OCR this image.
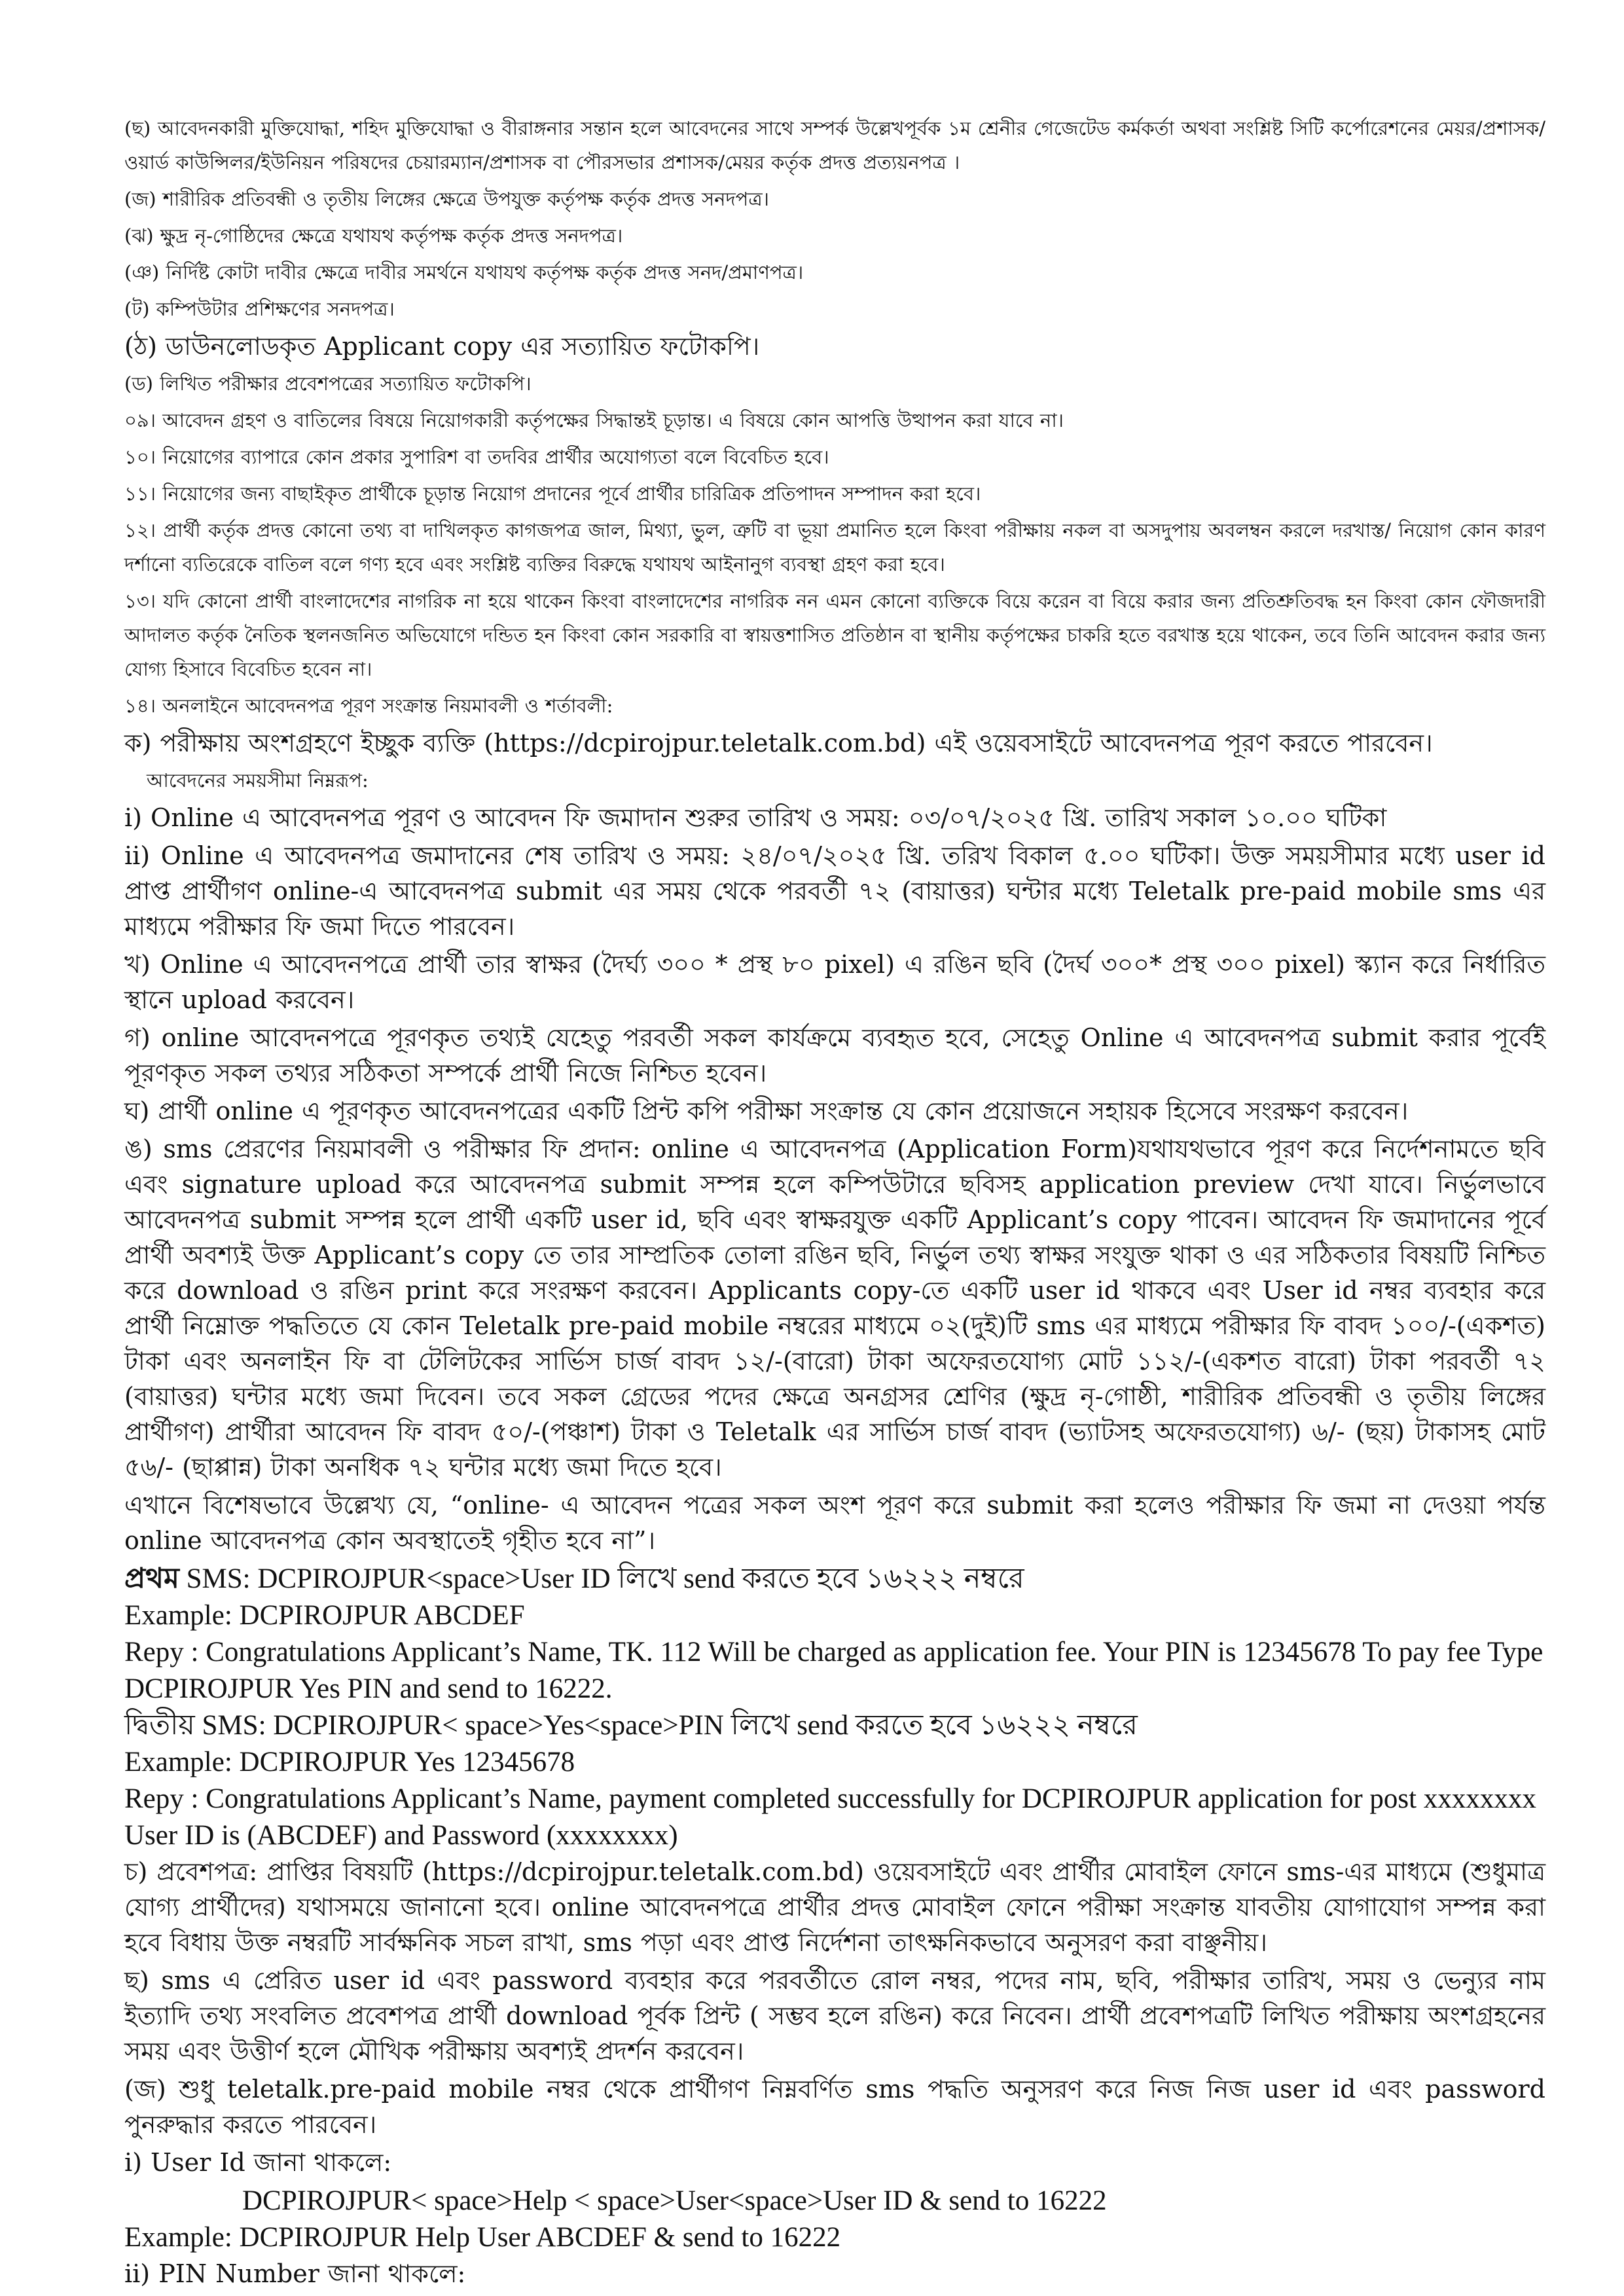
(ছ) আবেদনকারী মুক্তিযোদ্ধা, শহিদ মুক্তিযোদ্ধা ও বীরাঙ্গনার সন্তান হলে আবেদনের সাথে সম্পর্ক উল্লেখপূর্বক ১ম শ্রেনীর গেজেটেড কর্মকর্তা অথবা সংশ্লিষ্ট সিটি কর্পোরেশনের মেয়র/প্রশাসক/ওয়ার্ড কাউন্সিলর/ইউনিয়ন পরিষদের চেয়ারম্যান/প্রশাসক বা পৌরসভার প্রশাসক/মেয়র কর্তৃক প্রদত্ত প্রত্যয়নপত্র ।

(জ) শারীরিক প্রতিবন্ধী ও তৃতীয় লিঙ্গের ক্ষেত্রে উপযুক্ত কর্তৃপক্ষ কর্তৃক প্রদত্ত সনদপত্র।

(ঝ) ক্ষুদ্র নৃ-গোষ্ঠিদের ক্ষেত্রে যথাযথ কর্তৃপক্ষ কর্তৃক প্রদত্ত সনদপত্র।

(ঞ) নির্দিষ্ট কোটা দাবীর ক্ষেত্রে দাবীর সমর্থনে যথাযথ কর্তৃপক্ষ কর্তৃক প্রদত্ত সনদ/প্রমাণপত্র।

(ট) কম্পিউটার প্রশিক্ষণের সনদপত্র।

(ঠ) ডাউনলোডকৃত Applicant copy এর সত্যায়িত ফটোকপি।

(ড) লিখিত পরীক্ষার প্রবেশপত্রের সত্যায়িত ফটোকপি।

০৯। আবেদন গ্রহণ ও বাতিলের বিষয়ে নিয়োগকারী কর্তৃপক্ষের সিদ্ধান্তই চূড়ান্ত। এ বিষয়ে কোন আপত্তি উত্থাপন করা যাবে না।

১০। নিয়োগের ব্যাপারে কোন প্রকার সুপারিশ বা তদবির প্রার্থীর অযোগ্যতা বলে বিবেচিত হবে।

১১। নিয়োগের জন্য বাছাইকৃত প্রার্থীকে চূড়ান্ত নিয়োগ প্রদানের পূর্বে প্রার্থীর চারিত্রিক প্রতিপাদন সম্পাদন করা হবে।

১২। প্রার্থী কর্তৃক প্রদত্ত কোনো তথ্য বা দাখিলকৃত কাগজপত্র জাল, মিথ্যা, ভুল, ত্রুটি বা ভূয়া প্রমানিত হলে কিংবা পরীক্ষায় নকল বা অসদুপায় অবলম্বন করলে দরখাস্ত/ নিয়োগ কোন কারণ দর্শানো ব্যতিরেকে বাতিল বলে গণ্য হবে এবং সংশ্লিষ্ট ব্যক্তির বিরুদ্ধে যথাযথ আইনানুগ ব্যবস্থা গ্রহণ করা হবে।

১৩। যদি কোনো প্রার্থী বাংলাদেশের নাগরিক না হয়ে থাকেন কিংবা বাংলাদেশের নাগরিক নন এমন কোনো ব্যক্তিকে বিয়ে করেন বা বিয়ে করার জন্য প্রতিশ্রুতিবদ্ধ হন কিংবা কোন ফৌজদারী আদালত কর্তৃক নৈতিক স্থলনজনিত অভিযোগে দন্ডিত হন কিংবা কোন সরকারি বা স্বায়ত্তশাসিত প্রতিষ্ঠান বা স্থানীয় কর্তৃপক্ষের চাকরি হতে বরখাস্ত হয়ে থাকেন, তবে তিনি আবেদন করার জন্য যোগ্য হিসাবে বিবেচিত হবেন না।

১৪। অনলাইনে আবেদনপত্র পূরণ সংক্রান্ত নিয়মাবলী ও শর্তাবলী:

ক) পরীক্ষায় অংশগ্রহণে ইচ্ছুক ব্যক্তি (https://dcpirojpur.teletalk.com.bd) এই ওয়েবসাইটে আবেদনপত্র পূরণ করতে পারবেন।

আবেদনের সময়সীমা নিম্নরূপ:

i) Online এ আবেদনপত্র পূরণ ও আবেদন ফি জমাদান শুরুর তারিখ ও সময়: ০৩/০৭/২০২৫ খ্রি. তারিখ সকাল ১০.০০ ঘটিকা

ii) Online এ আবেদনপত্র জমাদানের শেষ তারিখ ও সময়: ২৪/০৭/২০২৫ খ্রি. তরিখ বিকাল ৫.০০ ঘটিকা। উক্ত সময়সীমার মধ্যে user id প্রাপ্ত প্রার্থীগণ online-এ আবেদনপত্র submit এর সময় থেকে পরবর্তী ৭২ (বায়াত্তর) ঘন্টার মধ্যে Teletalk pre-paid mobile sms এর মাধ্যমে পরীক্ষার ফি জমা দিতে পারবেন।

খ) Online এ আবেদনপত্রে প্রার্থী তার স্বাক্ষর (দৈর্ঘ্য ৩০০ * প্রস্থ ৮০ pixel) এ রঙিন ছবি (দৈর্ঘ ৩০০* প্রস্থ ৩০০ pixel) স্ক্যান করে নির্ধারিত স্থানে upload করবেন।

গ) online আবেদনপত্রে পূরণকৃত তথ্যই যেহেতু পরবর্তী সকল কার্যক্রমে ব্যবহৃত হবে, সেহেতু Online এ আবেদনপত্র submit করার পূর্বেই পূরণকৃত সকল তথ্যর সঠিকতা সম্পর্কে প্রার্থী নিজে নিশ্চিত হবেন।

ঘ) প্রার্থী online এ পূরণকৃত আবেদনপত্রের একটি প্রিন্ট কপি পরীক্ষা সংক্রান্ত যে কোন প্রয়োজনে সহায়ক হিসেবে সংরক্ষণ করবেন।

ঙ) sms প্রেরণের নিয়মাবলী ও পরীক্ষার ফি প্রদান: online এ আবেদনপত্র (Application Form)যথাযথভাবে পূরণ করে নির্দেশনামতে ছবি এবং signature upload করে আবেদনপত্র submit সম্পন্ন হলে কম্পিউটারে ছবিসহ application preview দেখা যাবে। নির্ভুলভাবে আবেদনপত্র submit সম্পন্ন হলে প্রার্থী একটি user id, ছবি এবং স্বাক্ষরযুক্ত একটি Applicant’s copy পাবেন। আবেদন ফি জমাদানের পূর্বে প্রার্থী অবশ্যই উক্ত Applicant’s copy তে তার সাম্প্রতিক তোলা রঙিন ছবি, নির্ভুল তথ্য স্বাক্ষর সংযুক্ত থাকা ও এর সঠিকতার বিষয়টি নিশ্চিত করে download ও রঙিন print করে সংরক্ষণ করবেন। Applicants copy-তে একটি user id থাকবে এবং User id নম্বর ব্যবহার করে প্রার্থী নিম্নোক্ত পদ্ধতিতে যে কোন Teletalk pre-paid mobile নম্বরের মাধ্যমে ০২(দুই)টি sms এর মাধ্যমে পরীক্ষার ফি বাবদ ১০০/-(একশত) টাকা এবং অনলাইন ফি বা টেলিটকের সার্ভিস চার্জ বাবদ ১২/-(বারো) টাকা অফেরতযোগ্য মোট ১১২/-(একশত বারো) টাকা পরবর্তী ৭২ (বায়াত্তর) ঘন্টার মধ্যে জমা দিবেন। তবে সকল গ্রেডের পদের ক্ষেত্রে অনগ্রসর শ্রেণির (ক্ষুদ্র নৃ-গোষ্ঠী, শারীরিক প্রতিবন্ধী ও তৃতীয় লিঙ্গের প্রার্থীগণ) প্রার্থীরা আবেদন ফি বাবদ ৫০/-(পঞ্চাশ) টাকা ও Teletalk এর সার্ভিস চার্জ বাবদ (ভ্যাটসহ অফেরতযোগ্য) ৬/- (ছয়) টাকাসহ মোট ৫৬/- (ছাপ্পান্ন) টাকা অনধিক ৭২ ঘন্টার মধ্যে জমা দিতে হবে।

এখানে বিশেষভাবে উল্লেখ্য যে, “online- এ আবেদন পত্রের সকল অংশ পূরণ করে submit করা হলেও পরীক্ষার ফি জমা না দেওয়া পর্যন্ত online আবেদনপত্র কোন অবস্থাতেই গৃহীত হবে না”।

প্রথম SMS: DCPIROJPUR<space>User ID লিখে send করতে হবে ১৬২২২ নম্বরে

Example: DCPIROJPUR ABCDEF

Repy : Congratulations Applicant’s Name, TK. 112 Will be charged as application fee. Your PIN is 12345678 To pay fee Type DCPIROJPUR Yes PIN and send to 16222.

দ্বিতীয় SMS: DCPIROJPUR< space>Yes<space>PIN লিখে send করতে হবে ১৬২২২ নম্বরে

Example: DCPIROJPUR Yes 12345678

Repy : Congratulations Applicant’s Name, payment completed successfully for DCPIROJPUR application for post xxxxxxxx User ID is (ABCDEF) and Password (xxxxxxxx)

চ) প্রবেশপত্র: প্রাপ্তির বিষয়টি (https://dcpirojpur.teletalk.com.bd) ওয়েবসাইটে এবং প্রার্থীর মোবাইল ফোনে sms-এর মাধ্যমে (শুধুমাত্র যোগ্য প্রার্থীদের) যথাসময়ে জানানো হবে। online আবেদনপত্রে প্রার্থীর প্রদত্ত মোবাইল ফোনে পরীক্ষা সংক্রান্ত যাবতীয় যোগাযোগ সম্পন্ন করা হবে বিধায় উক্ত নম্বরটি সার্বক্ষনিক সচল রাখা, sms পড়া এবং প্রাপ্ত নির্দেশনা তাৎক্ষনিকভাবে অনুসরণ করা বাঞ্ছনীয়।

ছ) sms এ প্রেরিত user id এবং password ব্যবহার করে পরবর্তীতে রোল নম্বর, পদের নাম, ছবি, পরীক্ষার তারিখ, সময় ও ভেন্যুর নাম ইত্যাদি তথ্য সংবলিত প্রবেশপত্র প্রার্থী download পূর্বক প্রিন্ট ( সম্ভব হলে রঙিন) করে নিবেন। প্রার্থী প্রবেশপত্রটি লিখিত পরীক্ষায় অংশগ্রহনের সময় এবং উত্তীর্ণ হলে মৌখিক পরীক্ষায় অবশ্যই প্রদর্শন করবেন।

(জ) শুধু teletalk.pre-paid mobile নম্বর থেকে প্রার্থীগণ নিম্নবর্ণিত sms পদ্ধতি অনুসরণ করে নিজ নিজ user id এবং password পুনরুদ্ধার করতে পারবেন।

i) User Id জানা থাকলে:

DCPIROJPUR< space>Help < space>User<space>User ID & send to 16222

Example: DCPIROJPUR Help User ABCDEF & send to 16222

ii) PIN Number জানা থাকলে:
